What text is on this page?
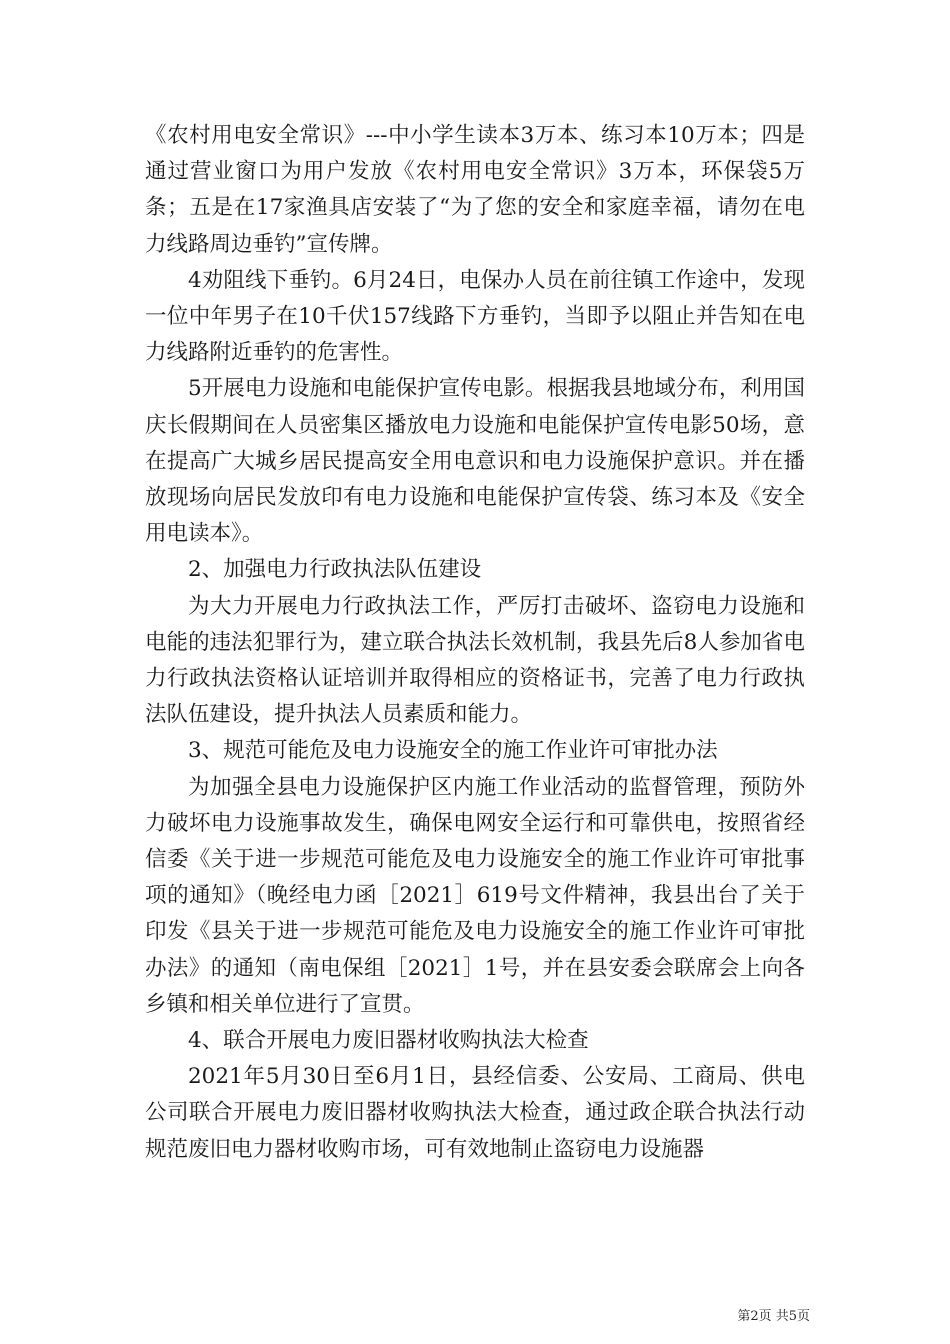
《农村用电安全常识》---中小学生读本3万本、练习本10万本；四是通过营业窗口为用户发放《农村用电安全常识》3万本，环保袋5万条；五是在17家渔具店安装了“为了您的安全和家庭幸福，请勿在电力线路周边垂钓”宣传牌。

4劝阻线下垂钓。6月24日，电保办人员在前往镇工作途中，发现一位中年男子在10千伏157线路下方垂钓，当即予以阻止并告知在电力线路附近垂钓的危害性。

5开展电力设施和电能保护宣传电影。根据我县地域分布，利用国庆长假期间在人员密集区播放电力设施和电能保护宣传电影50场，意在提高广大城乡居民提高安全用电意识和电力设施保护意识。并在播放现场向居民发放印有电力设施和电能保护宣传袋、练习本及《安全用电读本》。

2、加强电力行政执法队伍建设

为大力开展电力行政执法工作，严厉打击破坏、盗窃电力设施和电能的违法犯罪行为，建立联合执法长效机制，我县先后8人参加省电力行政执法资格认证培训并取得相应的资格证书，完善了电力行政执法队伍建设，提升执法人员素质和能力。

3、规范可能危及电力设施安全的施工作业许可审批办法

为加强全县电力设施保护区内施工作业活动的监督管理，预防外力破坏电力设施事故发生，确保电网安全运行和可靠供电，按照省经信委《关于进一步规范可能危及电力设施安全的施工作业许可审批事项的通知》（晚经电力函［2021］619号文件精神，我县出台了关于印发《县关于进一步规范可能危及电力设施安全的施工作业许可审批办法》的通知（南电保组［2021］1号，并在县安委会联席会上向各乡镇和相关单位进行了宣贯。

4、联合开展电力废旧器材收购执法大检查

2021年5月30日至6月1日，县经信委、公安局、工商局、供电公司联合开展电力废旧器材收购执法大检查，通过政企联合执法行动规范废旧电力器材收购市场，可有效地制止盗窃电力设施器

第2页 共5页
